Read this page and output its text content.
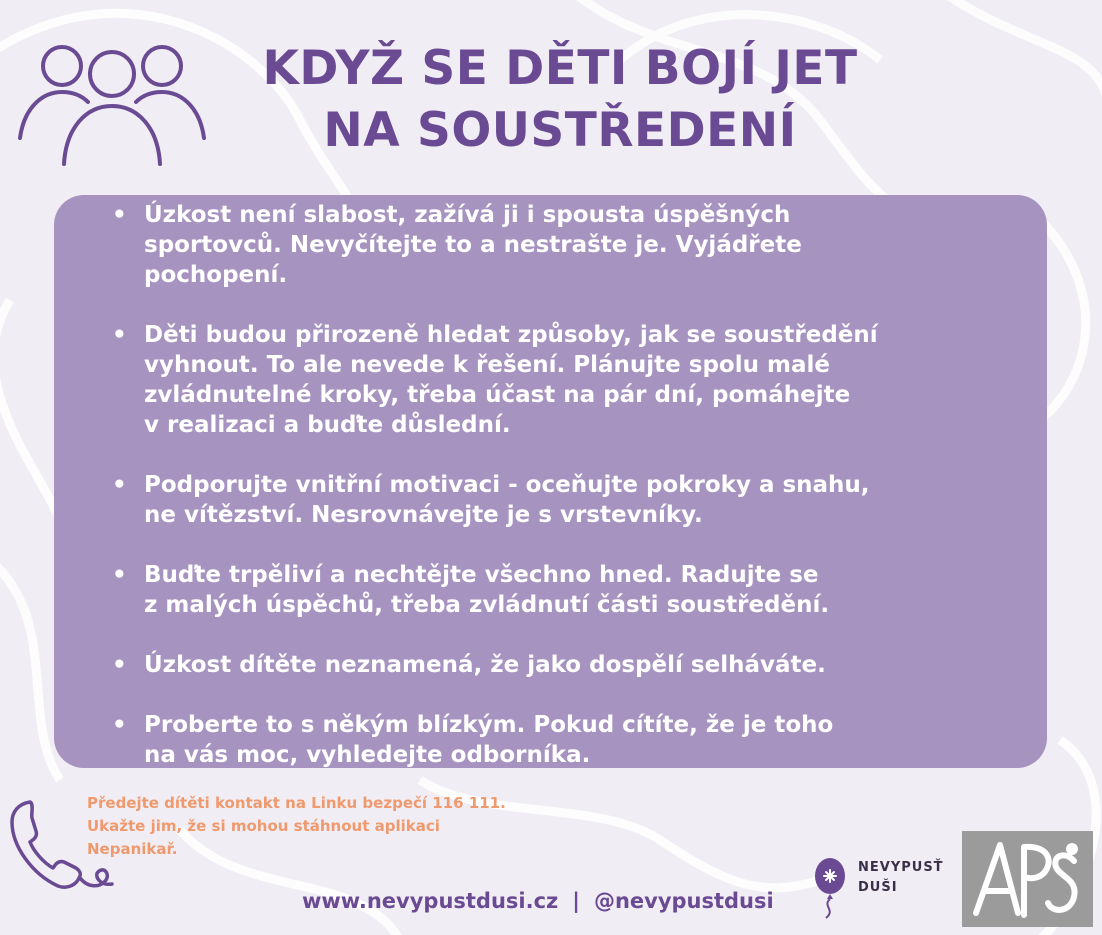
KDYŽ SE DĚTI BOJÍ JET
NA SOUSTŘEDENÍ
• Úzkost není slabost, zažívá ji i spousta úspěšných
sportovců. Nevyčítejte to a nestrašte je. Vyjádřete
pochopení.
• Děti budou přirozeně hledat způsoby, jak se soustředění
vyhnout. To ale nevede k řešení. Plánujte spolu malé
zvládnutelné kroky, třeba účast na pár dní, pomáhejte
v realizaci a buďte důslední.
• Podporujte vnitřní motivaci - oceňujte pokroky a snahu,
ne vítězství. Nesrovnávejte je s vrstevníky.
• Buďte trpěliví a nechtějte všechno hned. Radujte se
z malých úspěchů, třeba zvládnutí části soustředění.
• Úzkost dítěte neznamená, že jako dospělí selháváte.
• Proberte to s někým blízkým. Pokud cítíte, že je toho
na vás moc, vyhledejte odborníka.
Předejte dítěti kontakt na Linku bezpečí 116 111.
Ukažte jim, že si mohou stáhnout aplikaci
Nepanikař.
www.nevypustdusi.cz | @nevypustdusi
NEVYPUSŤ
DUŠI
